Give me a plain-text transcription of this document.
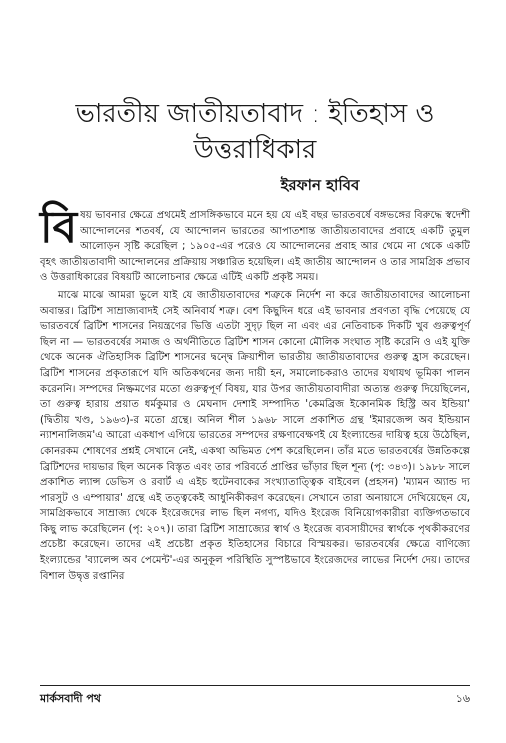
ভারতীয় জাতীয়তাবাদ : ইতিহাস ও
উত্তরাধিকার
ইরফান হাবিব

বিষয় ভাবনার ক্ষেত্রে প্রথমেই প্রাসঙ্গিকভাবে মনে হয় যে এই বছর ভারতবর্ষে বঙ্গভঙ্গের বিরুদ্ধে স্বদেশী আন্দোলনের শতবর্ষ, যে আন্দোলন ভারতের আপাতশান্ত জাতীয়তাবাদের প্রবাহে একটি তুমুল আলোড়ন সৃষ্টি করেছিল ; ১৯০৫-এর পরেও যে আন্দোলনের প্রবাহ আর থেমে না থেকে একটি বৃহৎ জাতীয়তাবাদী আন্দোলনের প্রক্রিয়ায় সঞ্চারিত হয়েছিল। এই জাতীয় আন্দোলন ও তার সামগ্রিক প্রভাব ও উত্তরাধিকারের বিষয়টি আলোচনার ক্ষেত্রে এটিই একটি প্রকৃষ্ট সময়।

মাঝে মাঝে আমরা ভুলে যাই যে জাতীয়তাবাদের শত্রুকে নির্দেশ না করে জাতীয়তাবাদের আলোচনা অবান্তর। ব্রিটিশ সাম্রাজ্যবাদই সেই অনিবার্য শত্রু। বেশ কিছুদিন ধরে এই ভাবনার প্রবণতা বৃদ্ধি পেয়েছে যে ভারতবর্ষে ব্রিটিশ শাসনের নিয়ন্ত্রণের ভিত্তি এতটা সুদৃঢ় ছিল না এবং এর নেতিবাচক দিকটি খুব গুরুত্বপূর্ণ ছিল না — ভারতবর্ষের সমাজ ও অর্থনীতিতে ব্রিটিশ শাসন কোনো মৌলিক সংঘাত সৃষ্টি করেনি ও এই যুক্তি থেকে অনেক ঐতিহাসিক ব্রিটিশ শাসনের দ্বন্দ্বে ক্রিয়াশীল ভারতীয় জাতীয়তাবাদের গুরুত্ব হ্রাস করেছেন। ব্রিটিশ শাসনের প্রকৃতারূপে যদি অতিকথনের জন্য দায়ী হন, সমালোচকরাও তাদের যথাযথ ভূমিকা পালন করেননি। সম্পদের নিষ্ক্রমণের মতো গুরুত্বপূর্ণ বিষয়, যার উপর জাতীয়তাবাদীরা অত্যন্ত গুরুত্ব দিয়েছিলেন, তা গুরুত্ব হারায় প্রয়াত ধর্মকুমার ও মেঘনাদ দেশাই সম্পাদিত 'কেমব্রিজ ইকোনমিক হিস্ট্রি অব ইন্ডিয়া' (দ্বিতীয় খণ্ড, ১৯৬৩)-র মতো গ্রন্থে। অনিল শীল ১৯৬৮ সালে প্রকাশিত গ্রন্থ 'ইমারজেন্স অব ইন্ডিয়ান ন্যাশনালিজম'এ আরো একধাপ এগিয়ে ভারতের সম্পদের রক্ষণাবেক্ষণই যে ইংল্যান্ডের দায়িত্ব হয়ে উঠেছিল, কোনরকম শোষণের প্রশ্নই সেখানে নেই, একথা অভিমত পেশ করেছিলেন। তাঁর মতে ভারতবর্ষের উন্নতিকল্পে ব্রিটিশদের দায়ভার ছিল অনেক বিস্তৃত এবং তার পরিবর্তে প্রাপ্তির ভাঁড়ার ছিল শূন্য (পৃ: ৩৪৩)। ১৯৮৮ সালে প্রকাশিত ল্যান্স ডেভিস ও রবার্ট এ এইচ হুটেনবাকের সংখ্যাতাত্ত্বিক বাইবেল (প্রহসন) 'ম্যামন অ্যান্ড দ্য পারসুট ও এম্পায়ার' গ্রন্থে এই তত্ত্বকেই আধুনিকীকরণ করেছেন। সেখানে তারা অনায়াসে দেখিয়েছেন যে, সামগ্রিকভাবে সাম্রাজ্য থেকে ইংরেজদের লাভ ছিল নগণ্য, যদিও ইংরেজ বিনিয়োগকারীরা ব্যক্তিগতভাবে কিছু লাভ করেছিলেন (পৃ: ২০৭)। তারা ব্রিটিশ সাম্রাজ্যের স্বার্থ ও ইংরেজ ব্যবসায়ীদের স্বার্থকে পৃথকীকরণের প্রচেষ্টা করেছেন। তাদের এই প্রচেষ্টা প্রকৃত ইতিহাসের বিচারে বিস্ময়কর। ভারতবর্ষের ক্ষেত্রে বাণিজ্যে ইংল্যান্ডের 'ব্যালেন্স অব পেমেন্ট'-এর অনুকূল পরিস্থিতি সুস্পষ্টভাবে ইংরেজদের লাভের নির্দেশ দেয়। তাদের বিশাল উদ্বৃত্ত রপ্তানির

মার্কসবাদী পথ	১৬
